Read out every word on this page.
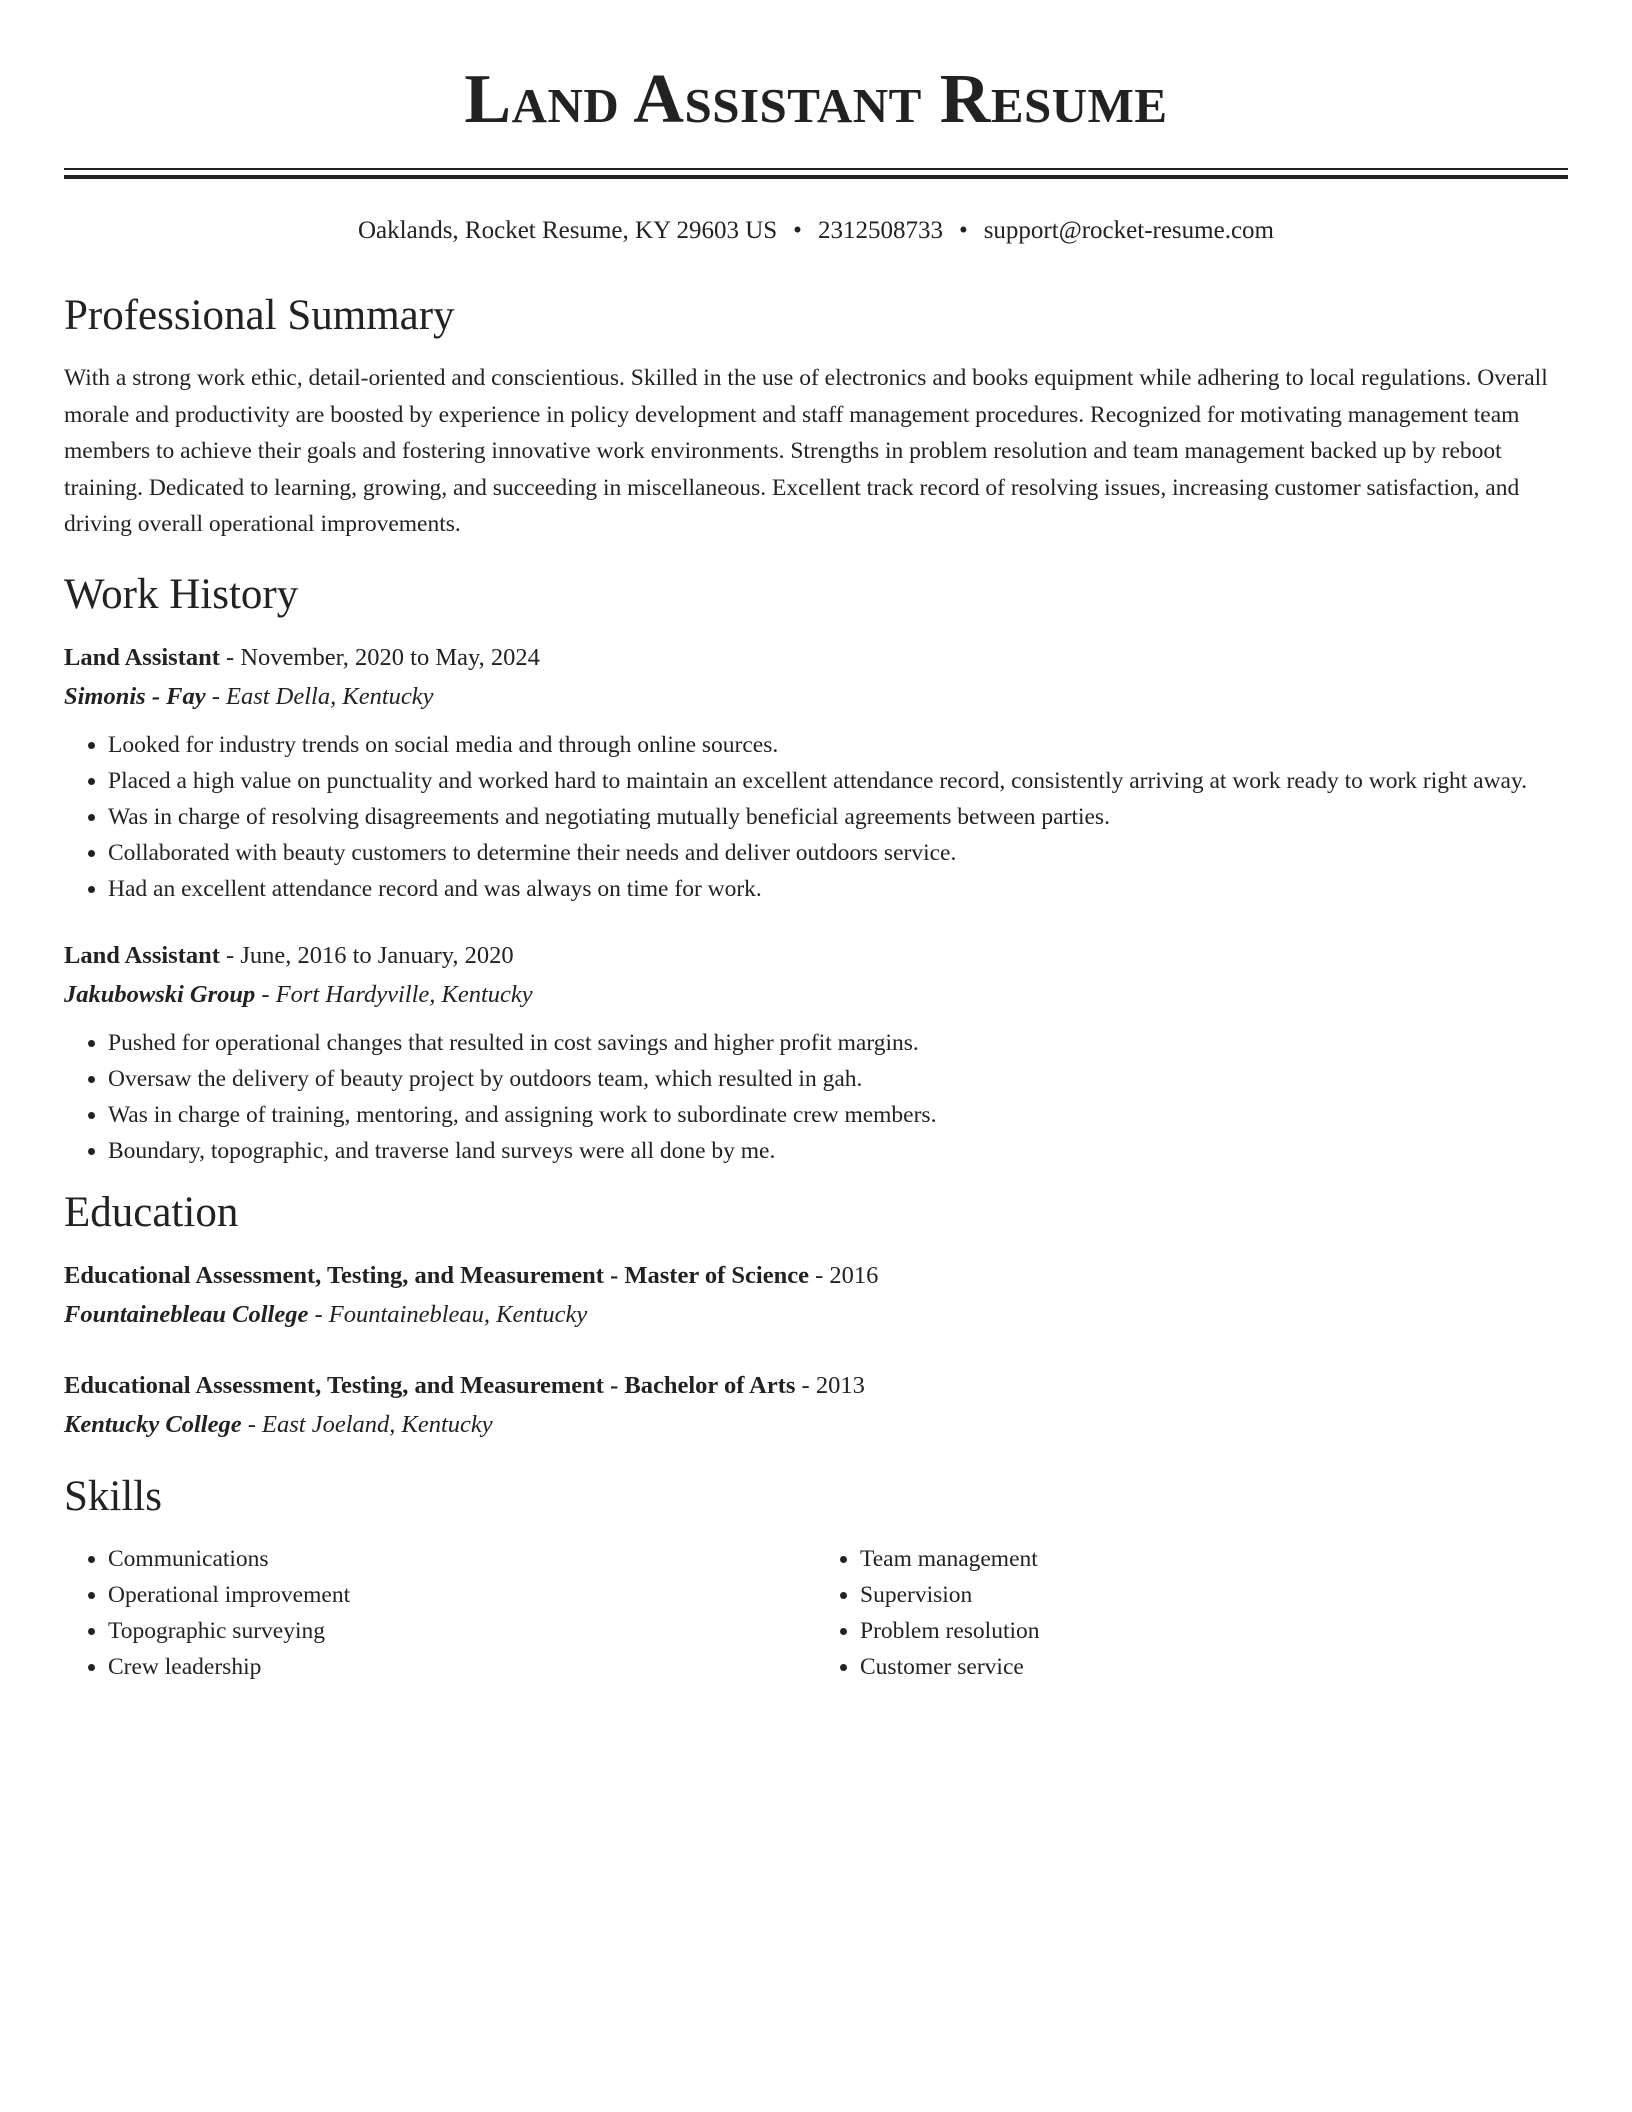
Land Assistant Resume
Oaklands, Rocket Resume, KY 29603 US • 2312508733 • support@rocket-resume.com
Professional Summary

With a strong work ethic, detail-oriented and conscientious. Skilled in the use of electronics and books equipment while adhering to local regulations. Overall morale and productivity are boosted by experience in policy development and staff management procedures. Recognized for motivating management team members to achieve their goals and fostering innovative work environments. Strengths in problem resolution and team management backed up by reboot training. Dedicated to learning, growing, and succeeding in miscellaneous. Excellent track record of resolving issues, increasing customer satisfaction, and driving overall operational improvements.

Work History
Land Assistant - November, 2020 to May, 2024
Simonis - Fay - East Della, Kentucky
• Looked for industry trends on social media and through online sources.
• Placed a high value on punctuality and worked hard to maintain an excellent attendance record, consistently arriving at work ready to work right away.
• Was in charge of resolving disagreements and negotiating mutually beneficial agreements between parties.
• Collaborated with beauty customers to determine their needs and deliver outdoors service.
• Had an excellent attendance record and was always on time for work.
Land Assistant - June, 2016 to January, 2020
Jakubowski Group - Fort Hardyville, Kentucky
• Pushed for operational changes that resulted in cost savings and higher profit margins.
• Oversaw the delivery of beauty project by outdoors team, which resulted in gah.
• Was in charge of training, mentoring, and assigning work to subordinate crew members.
• Boundary, topographic, and traverse land surveys were all done by me.
Education
Educational Assessment, Testing, and Measurement - Master of Science - 2016
Fountainebleau College - Fountainebleau, Kentucky
Educational Assessment, Testing, and Measurement - Bachelor of Arts - 2013
Kentucky College - East Joeland, Kentucky
Skills
• Communications
• Operational improvement
• Topographic surveying
• Crew leadership
• Team management
• Supervision
• Problem resolution
• Customer service
